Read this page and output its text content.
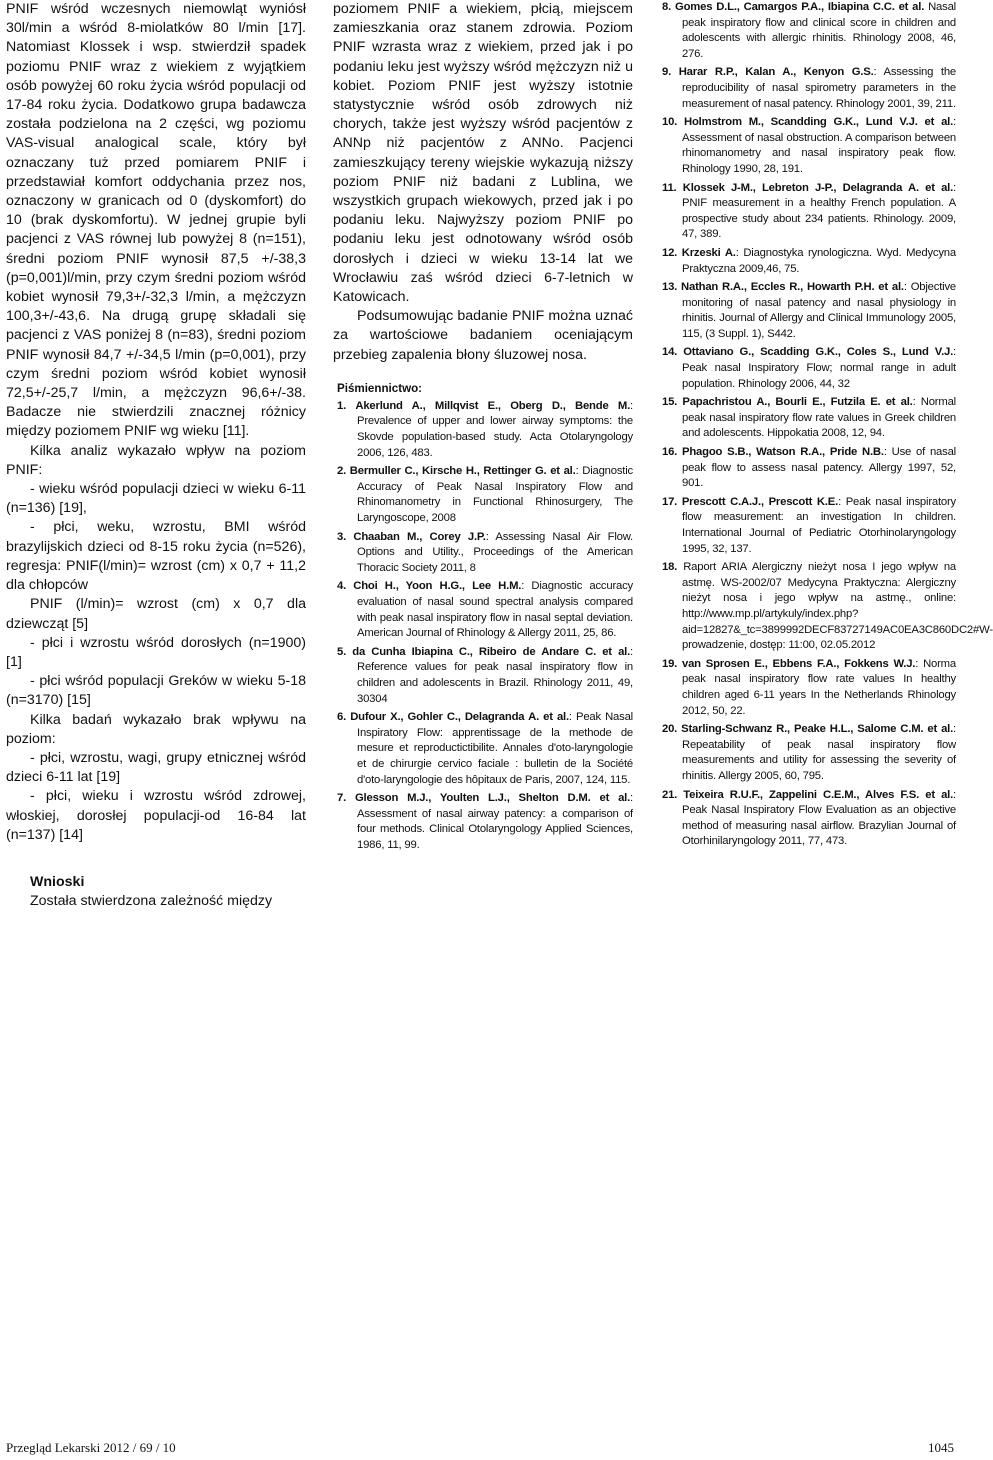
PNIF wśród wczesnych niemowląt wyniósł 30l/min a wśród 8-miolatków 80 l/min [17]. Natomiast Klossek i wsp. stwierdził spadek poziomu PNIF wraz z wiekiem z wyjątkiem osób powyżej 60 roku życia wśród populacji od 17-84 roku życia. Dodatkowo grupa badawcza została podzielona na 2 części, wg poziomu VAS-visual analogical scale, który był oznaczany tuż przed pomiarem PNIF i przedstawiał komfort oddychania przez nos, oznaczony w granicach od 0 (dyskomfort) do 10 (brak dyskomfortu). W jednej grupie byli pacjenci z VAS równej lub powyżej 8 (n=151), średni poziom PNIF wynosił 87,5 +/-38,3 (p=0,001)l/min, przy czym średni poziom wśród kobiet wynosił 79,3+/-32,3 l/min, a mężczyzn 100,3+/-43,6. Na drugą grupę składali się pacjenci z VAS poniżej 8 (n=83), średni poziom PNIF wynosił 84,7 +/-34,5 l/min (p=0,001), przy czym średni poziom wśród kobiet wynosił 72,5+/-25,7 l/min, a mężczyzn 96,6+/-38. Badacze nie stwierdzili znacznej różnicy między poziomem PNIF wg wieku [11].

Kilka analiz wykazało wpływ na poziom PNIF:

- wieku wśród populacji dzieci w wieku 6-11 (n=136) [19],

- płci, weku, wzrostu, BMI wśród brazylijskich dzieci od 8-15 roku życia (n=526), regresja: PNIF(l/min)= wzrost (cm) x 0,7 + 11,2 dla chłopców

PNIF (l/min)= wzrost (cm) x 0,7 dla dziewcząt [5]

- płci i wzrostu wśród dorosłych (n=1900) [1]

- płci wśród populacji Greków w wieku 5-18 (n=3170) [15]

Kilka badań wykazało brak wpływu na poziom:

- płci, wzrostu, wagi, grupy etnicznej wśród dzieci 6-11 lat [19]

- płci, wieku i wzrostu wśród zdrowej, włoskiej, dorosłej populacji-od 16-84 lat (n=137) [14]

Wnioski
Została stwierdzona zależność między

poziomem PNIF a wiekiem, płcią, miejscem zamieszkania oraz stanem zdrowia. Poziom PNIF wzrasta wraz z wiekiem, przed jak i po podaniu leku jest wyższy wśród mężczyzn niż u kobiet. Poziom PNIF jest wyższy istotnie statystycznie wśród osób zdrowych niż chorych, także jest wyższy wśród pacjentów z ANNp niż pacjentów z ANNo. Pacjenci zamieszkujący tereny wiejskie wykazują niższy poziom PNIF niż badani z Lublina, we wszystkich grupach wiekowych, przed jak i po podaniu leku. Najwyższy poziom PNIF po podaniu leku jest odnotowany wśród osób dorosłych i dzieci w wieku 13-14 lat we Wrocławiu zaś wśród dzieci 6-7-letnich w Katowicach.

Podsumowując badanie PNIF można uznać za wartościowe badaniem oceniającym przebieg zapalenia błony śluzowej nosa.

Piśmiennictwo:
1. Akerlund A., Millqvist E., Oberg D., Bende M.: Prevalence of upper and lower airway symptoms: the Skovde population-based study. Acta Otolaryngology 2006, 126, 483.
2. Bermuller C., Kirsche H., Rettinger G. et al.: Diagnostic Accuracy of Peak Nasal Inspiratory Flow and Rhinomanometry in Functional Rhinosurgery, The Laryngoscope, 2008
3. Chaaban M., Corey J.P.: Assessing Nasal Air Flow. Options and Utility., Proceedings of the American Thoracic Society 2011, 8
4. Choi H., Yoon H.G., Lee H.M.: Diagnostic accuracy evaluation of nasal sound spectral analysis compared with peak nasal inspiratory flow in nasal septal deviation. American Journal of Rhinology & Allergy 2011, 25, 86.
5. da Cunha Ibiapina C., Ribeiro de Andare C. et al.: Reference values for peak nasal inspiratory flow in children and adolescents in Brazil. Rhinology 2011, 49, 30304
6. Dufour X., Gohler C., Delagranda A. et al.: Peak Nasal Inspiratory Flow: apprentissage de la methode de mesure et reproductictibilite. Annales d'oto-laryngologie et de chirurgie cervico faciale : bulletin de la Société d'oto-laryngologie des hôpitaux de Paris, 2007, 124, 115.
7. Glesson M.J., Youlten L.J., Shelton D.M. et al.: Assessment of nasal airway patency: a comparison of four methods. Clinical Otolaryngology Applied Sciences, 1986, 11, 99.
8. Gomes D.L., Camargos P.A., Ibiapina C.C. et al. Nasal peak inspiratory flow and clinical score in children and adolescents with allergic rhinitis. Rhinology 2008, 46, 276.
9. Harar R.P., Kalan A., Kenyon G.S.: Assessing the reproducibility of nasal spirometry parameters in the measurement of nasal patency. Rhinology 2001, 39, 211.
10. Holmstrom M., Scandding G.K., Lund V.J. et al.: Assessment of nasal obstruction. A comparison between rhinomanometry and nasal inspiratory peak flow. Rhinology 1990, 28, 191.
11. Klossek J-M., Lebreton J-P., Delagranda A. et al.: PNIF measurement in a healthy French population. A prospective study about 234 patients. Rhinology. 2009, 47, 389.
12. Krzeski A.: Diagnostyka rynologiczna. Wyd. Medycyna Praktyczna 2009,46, 75.
13. Nathan R.A., Eccles R., Howarth P.H. et al.: Objective monitoring of nasal patency and nasal physiology in rhinitis. Journal of Allergy and Clinical Immunology 2005, 115, (3 Suppl. 1), S442.
14. Ottaviano G., Scadding G.K., Coles S., Lund V.J.: Peak nasal Inspiratory Flow; normal range in adult population. Rhinology 2006, 44, 32
15. Papachristou A., Bourli E., Futzila E. et al.: Normal peak nasal inspiratory flow rate values in Greek children and adolescents. Hippokatia 2008, 12, 94.
16. Phagoo S.B., Watson R.A., Pride N.B.: Use of nasal peak flow to assess nasal patency. Allergy 1997, 52, 901.
17. Prescott C.A.J., Prescott K.E.: Peak nasal inspiratory flow measurement: an investigation In children. International Journal of Pediatric Otorhinolaryngology 1995, 32, 137.
18. Raport ARIA Alergiczny nieżyt nosa I jego wpływ na astmę. WS-2002/07 Medycyna Praktyczna: Alergiczny nieżyt nosa i jego wpływ na astmę., online: http://www.mp.pl/artykuly/index.php?aid=12827&_tc=3899992DECF83727149AC0EA3C860DC2#W-prowadzenie, dostęp: 11:00, 02.05.2012
19. van Sprosen E., Ebbens F.A., Fokkens W.J.: Norma peak nasal inspiratory flow rate values In healthy children aged 6-11 years In the Netherlands Rhinology 2012, 50, 22.
20. Starling-Schwanz R., Peake H.L., Salome C.M. et al.: Repeatability of peak nasal inspiratory flow measurements and utility for assessing the severity of rhinitis. Allergy 2005, 60, 795.
21. Teixeira R.U.F., Zappelini C.E.M., Alves F.S. et al.: Peak Nasal Inspiratory Flow Evaluation as an objective method of measuring nasal airflow. Brazylian Journal of Otorhinilaryngology 2011, 77, 473.
Przegląd Lekarski 2012 / 69 / 10	1045
